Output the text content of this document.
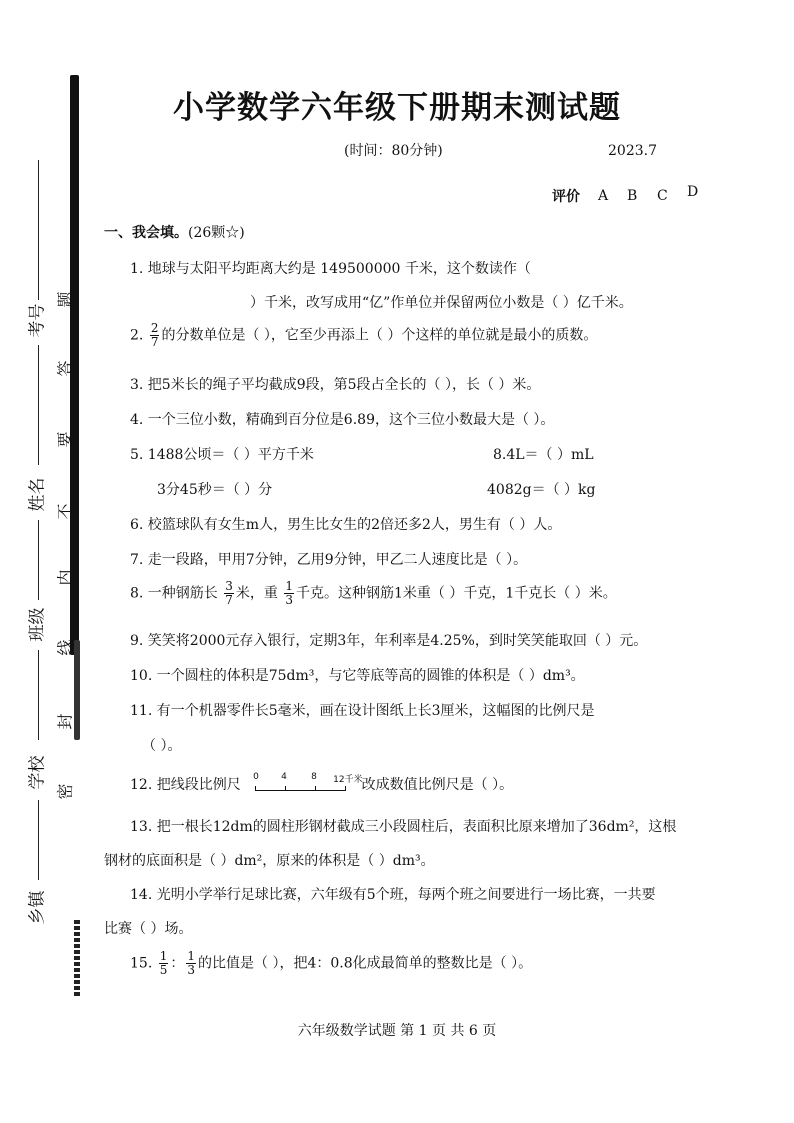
考号
姓名
班级
学校
乡镇
题
答
要
不
内
线
封
密
小学数学六年级下册期末测试题
(时间：80分钟)	2023.7
评价 A B C D
一、我会填。(26颗☆)
1. 地球与太阳平均距离大约是 149500000 千米，这个数读作（
）千米，改写成用“亿”作单位并保留两位小数是（ ）亿千米。
2. $\frac{2}{7}$ 的分数单位是（ ），它至少再添上（ ）个这样的单位就是最小的质数。
3. 把5米长的绳子平均截成9段，第5段占全长的（ ），长（ ）米。
4. 一个三位小数，精确到百分位是6.89，这个三位小数最大是（ ）。
5. 1488公顷＝（ ）平方千米	8.4L＝（ ）mL
3分45秒＝（ ）分	4082g＝（ ）kg
6. 校篮球队有女生m人，男生比女生的2倍还多2人，男生有（ ）人。
7. 走一段路，甲用7分钟，乙用9分钟，甲乙二人速度比是（ ）。
8. 一种钢筋长 $\frac{3}{7}$ 米，重 $\frac{1}{3}$ 千克。这种钢筋1米重（ ）千克，1千克长（ ）米。
9. 笑笑将2000元存入银行，定期3年，年利率是4.25%，到时笑笑能取回（ ）元。
10. 一个圆柱的体积是75dm³，与它等底等高的圆锥的体积是（ ）dm³。
11. 有一个机器零件长5毫米，画在设计图纸上长3厘米，这幅图的比例尺是
（ ）。
12. 把线段比例尺 0 4	8 12千米 改成数值比例尺是（ ）。
13. 把一根长12dm的圆柱形钢材截成三小段圆柱后，表面积比原来增加了36dm²，这根
钢材的底面积是（ ）dm²，原来的体积是（ ）dm³。
14. 光明小学举行足球比赛，六年级有5个班，每两个班之间要进行一场比赛，一共要
比赛（ ）场。
15. $\frac{1}{5}$ ： $\frac{1}{3}$ 的比值是（ ），把4：0.8化成最简单的整数比是（ ）。
六年级数学试题 第 1 页 共 6 页
